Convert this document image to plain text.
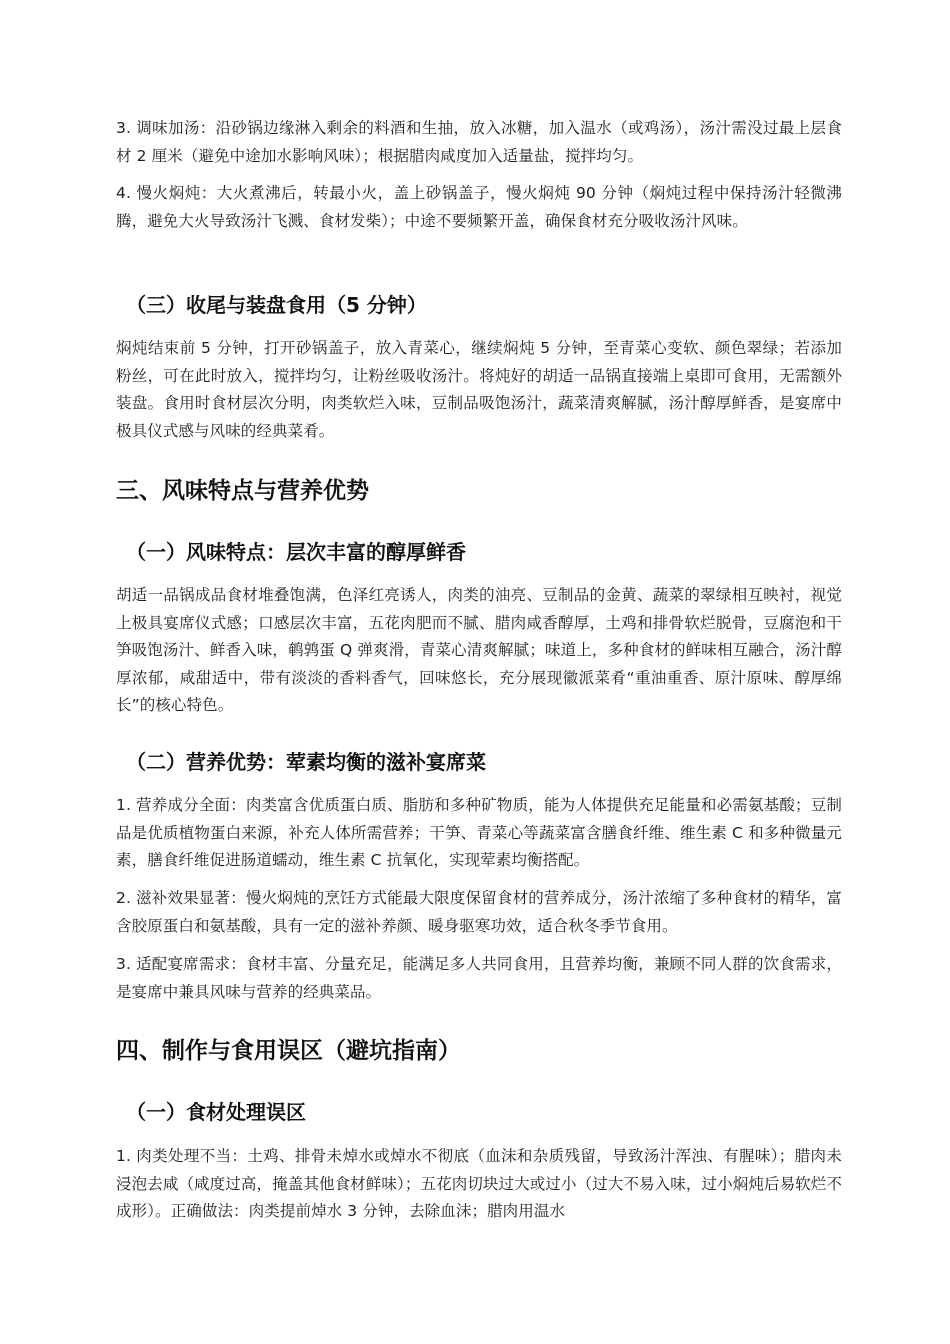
3. 调味加汤：沿砂锅边缘淋入剩余的料酒和生抽，放入冰糖，加入温水（或鸡汤），汤汁需没过最上层食材 2 厘米（避免中途加水影响风味）；根据腊肉咸度加入适量盐，搅拌均匀。

4. 慢火焖炖：大火煮沸后，转最小火，盖上砂锅盖子，慢火焖炖 90 分钟（焖炖过程中保持汤汁轻微沸腾，避免大火导致汤汁飞溅、食材发柴）；中途不要频繁开盖，确保食材充分吸收汤汁风味。

（三）收尾与装盘食用（5 分钟）

焖炖结束前 5 分钟，打开砂锅盖子，放入青菜心，继续焖炖 5 分钟，至青菜心变软、颜色翠绿；若添加粉丝，可在此时放入，搅拌均匀，让粉丝吸收汤汁。将炖好的胡适一品锅直接端上桌即可食用，无需额外装盘。食用时食材层次分明，肉类软烂入味，豆制品吸饱汤汁，蔬菜清爽解腻，汤汁醇厚鲜香，是宴席中极具仪式感与风味的经典菜肴。

三、风味特点与营养优势
（一）风味特点：层次丰富的醇厚鲜香

胡适一品锅成品食材堆叠饱满，色泽红亮诱人，肉类的油亮、豆制品的金黄、蔬菜的翠绿相互映衬，视觉上极具宴席仪式感；口感层次丰富，五花肉肥而不腻、腊肉咸香醇厚，土鸡和排骨软烂脱骨，豆腐泡和干笋吸饱汤汁、鲜香入味，鹌鹑蛋 Q 弹爽滑，青菜心清爽解腻；味道上，多种食材的鲜味相互融合，汤汁醇厚浓郁，咸甜适中，带有淡淡的香料香气，回味悠长，充分展现徽派菜肴“重油重香、原汁原味、醇厚绵长”的核心特色。

（二）营养优势：荤素均衡的滋补宴席菜

1. 营养成分全面：肉类富含优质蛋白质、脂肪和多种矿物质，能为人体提供充足能量和必需氨基酸；豆制品是优质植物蛋白来源，补充人体所需营养；干笋、青菜心等蔬菜富含膳食纤维、维生素 C 和多种微量元素，膳食纤维促进肠道蠕动，维生素 C 抗氧化，实现荤素均衡搭配。

2. 滋补效果显著：慢火焖炖的烹饪方式能最大限度保留食材的营养成分，汤汁浓缩了多种食材的精华，富含胶原蛋白和氨基酸，具有一定的滋补养颜、暖身驱寒功效，适合秋冬季节食用。

3. 适配宴席需求：食材丰富、分量充足，能满足多人共同食用，且营养均衡，兼顾不同人群的饮食需求，是宴席中兼具风味与营养的经典菜品。

四、制作与食用误区（避坑指南）
（一）食材处理误区

1. 肉类处理不当：土鸡、排骨未焯水或焯水不彻底（血沫和杂质残留，导致汤汁浑浊、有腥味）；腊肉未浸泡去咸（咸度过高，掩盖其他食材鲜味）；五花肉切块过大或过小（过大不易入味，过小焖炖后易软烂不成形）。正确做法：肉类提前焯水 3 分钟，去除血沫；腊肉用温水
